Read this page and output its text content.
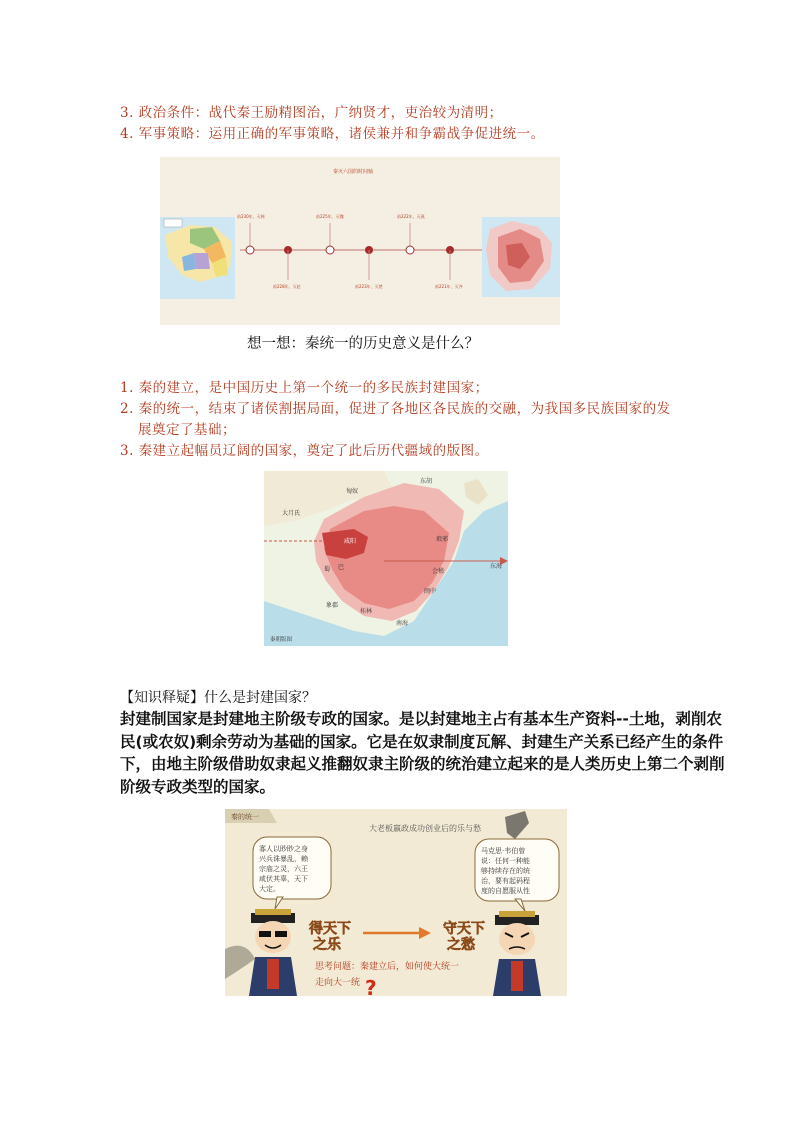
3. 政治条件：战代秦王励精图治，广纳贤才，吏治较为清明；
4. 军事策略：运用正确的军事策略，诸侯兼并和争霸战争促进统一。
秦灭六国的时间轴
前230年，灭韩	前225年，灭魏	前222年，灭燕
前228年，灭赵	前223年，灭楚	前221年，灭齐
想一想：秦统一的历史意义是什么？
1. 秦的建立，是中国历史上第一个统一的多民族封建国家；
2. 秦的统一，结束了诸侯割据局面，促进了各地区各民族的交融，为我国多民族国家的发
展奠定了基础；
3. 秦建立起幅员辽阔的国家，奠定了此后历代疆域的版图。
匈奴
东胡
大月氏
咸阳
东海
南海
象郡
桂林
闽中
会稽
琅邪
巴
蜀
秦朝版图
【知识释疑】什么是封建国家？
封建制国家是封建地主阶级专政的国家。是以封建地主占有基本生产资料--土地，剥削农
民(或农奴)剩余劳动为基础的国家。它是在奴隶制度瓦解、封建生产关系已经产生的条件
下，由地主阶级借助奴隶起义推翻奴隶主阶级的统治建立起来的是人类历史上第二个剥削
阶级专政类型的国家。
秦的统一
大老板嬴政成功创业后的乐与愁
寡人以眇眇之身
兴兵诛暴乱，赖
宗庙之灵，六王
咸伏其辜，天下
大定。
马克思·韦伯曾
说：任何一种能
够持续存在的统
治，要有起码程
度的自愿服从性
得天下
之乐
守天下
之愁
思考问题：秦建立后，如何使大统一
走向大一统 ?
